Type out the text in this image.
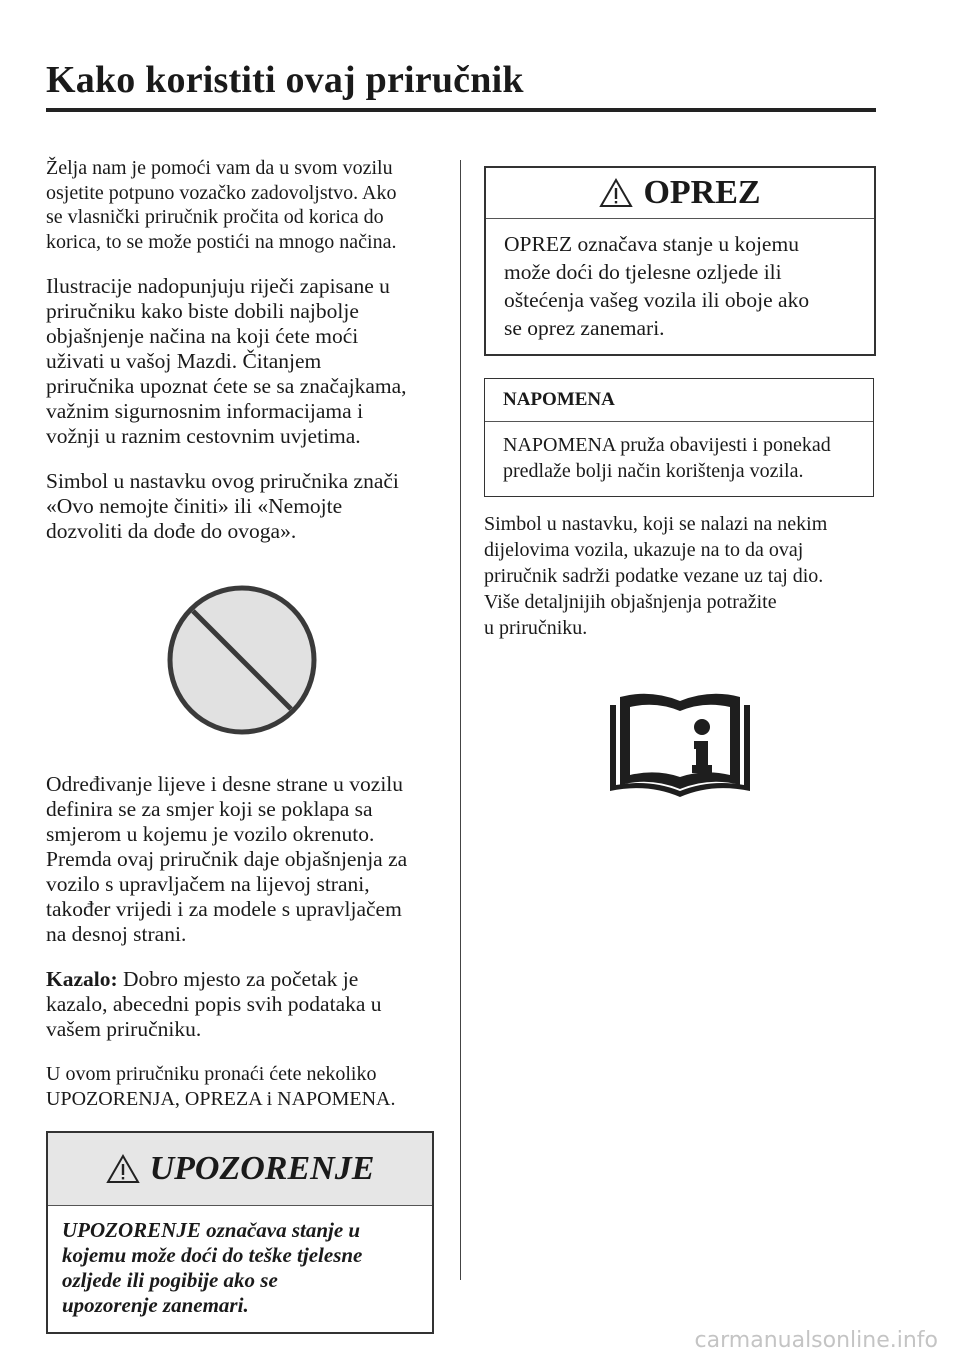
Kako koristiti ovaj priručnik

Želja nam je pomoći vam da u svom vozilu
osjetite potpuno vozačko zadovoljstvo. Ako
se vlasnički priručnik pročita od korica do
korica, to se može postići na mnogo načina.

Ilustracije nadopunjuju riječi zapisane u
priručniku kako biste dobili najbolje
objašnjenje načina na koji ćete moći
uživati u vašoj Mazdi. Čitanjem
priručnika upoznat ćete se sa značajkama,
važnim sigurnosnim informacijama i
vožnji u raznim cestovnim uvjetima.

Simbol u nastavku ovog priručnika znači
«Ovo nemojte činiti» ili «Nemojte
dozvoliti da dođe do ovoga».

Određivanje lijeve i desne strane u vozilu
definira se za smjer koji se poklapa sa
smjerom u kojemu je vozilo okrenuto.
Premda ovaj priručnik daje objašnjenja za
vozilo s upravljačem na lijevoj strani,
također vrijedi i za modele s upravljačem
na desnoj strani.

Kazalo: Dobro mjesto za početak je
kazalo, abecedni popis svih podataka u
vašem priručniku.

U ovom priručniku pronaći ćete nekoliko
UPOZORENJA, OPREZA i NAPOMENA.

UPOZORENJE
UPOZORENJE označava stanje u
kojemu može doći do teške tjelesne
ozljede ili pogibije ako se
upozorenje zanemari.
OPREZ
OPREZ označava stanje u kojemu
može doći do tjelesne ozljede ili
oštećenja vašeg vozila ili oboje ako
se oprez zanemari.
NAPOMENA
NAPOMENA pruža obavijesti i ponekad
predlaže bolji način korištenja vozila.

Simbol u nastavku, koji se nalazi na nekim
dijelovima vozila, ukazuje na to da ovaj
priručnik sadrži podatke vezane uz taj dio.
Više detaljnijih objašnjenja potražite
u priručniku.

carmanualsonline.info
